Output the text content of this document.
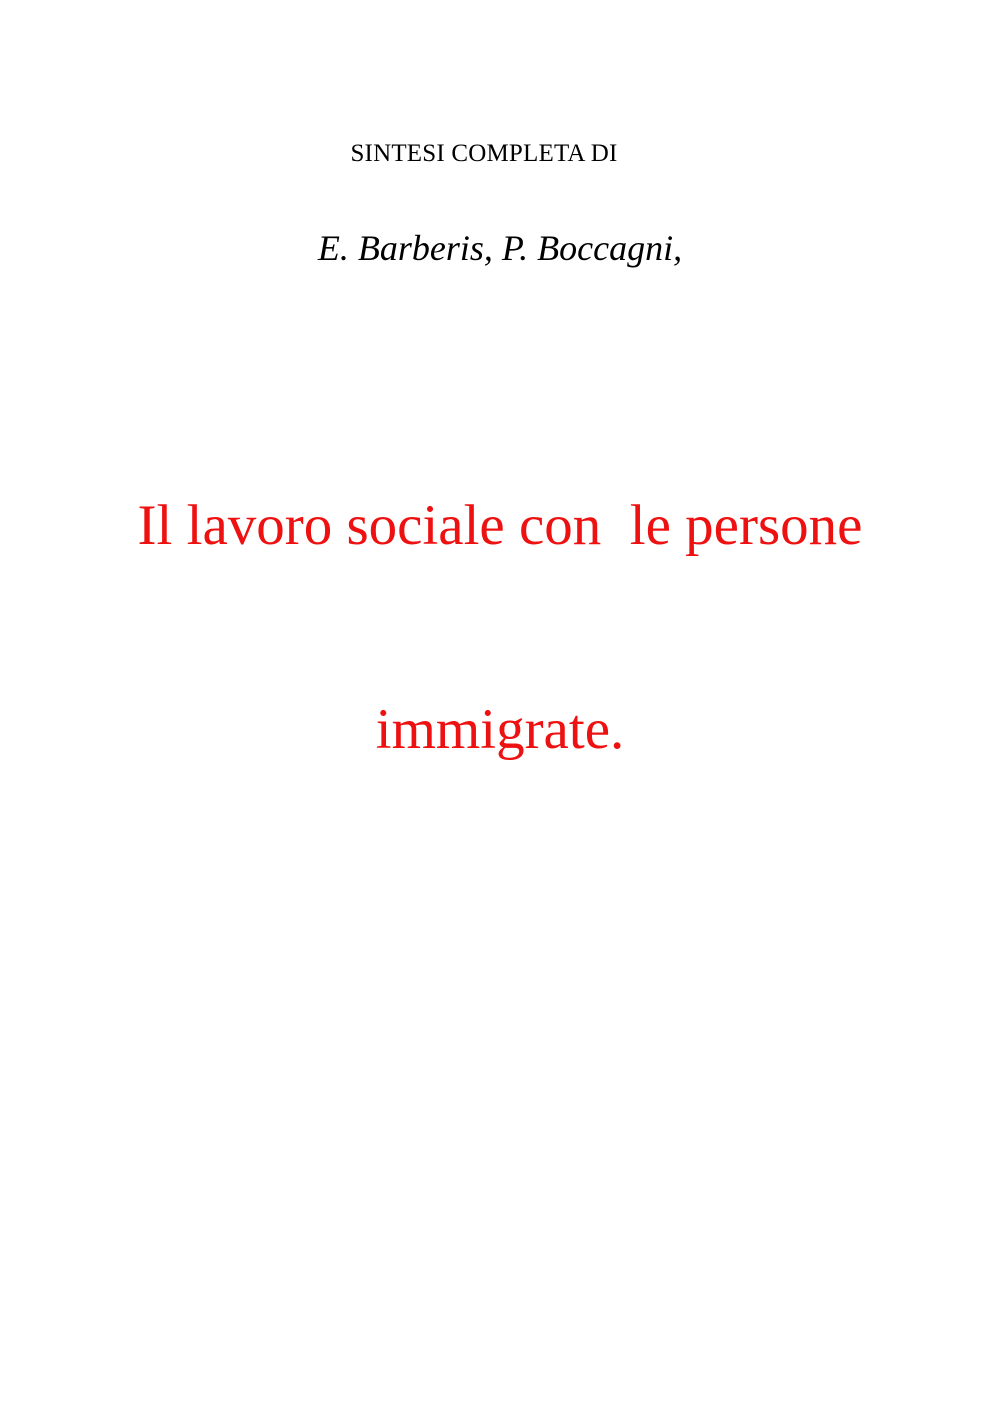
SINTESI COMPLETA DI
E. Barberis, P. Boccagni,

Il lavoro sociale con  le persone

immigrate.
